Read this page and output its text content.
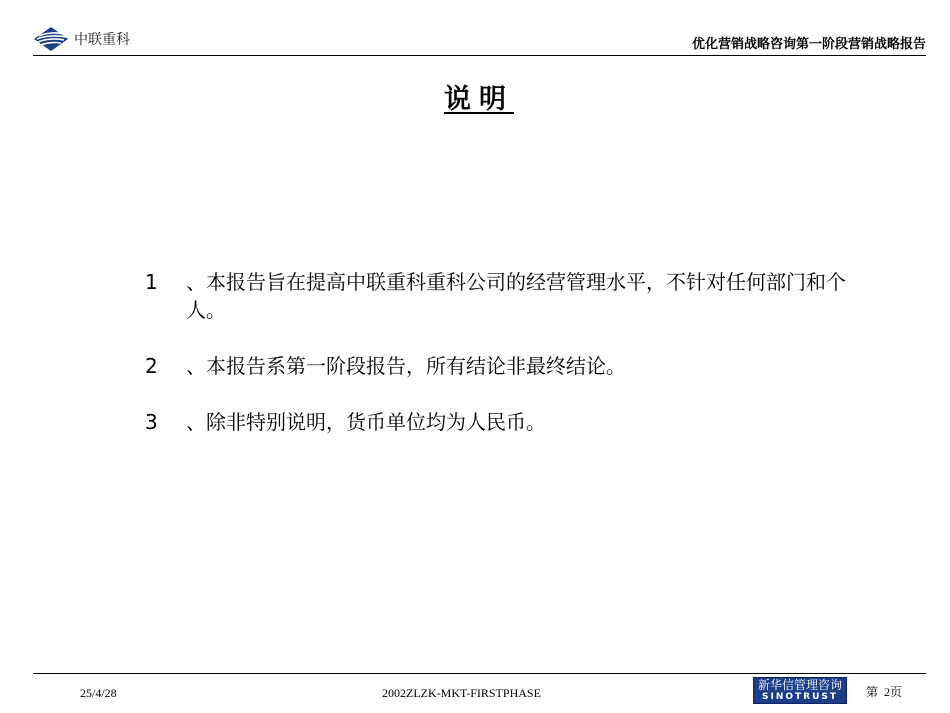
中联重科	优化营销战略咨询第一阶段营销战略报告
说明
1	、本报告旨在提高中联重科重科公司的经营管理水平，不针对任何部门和个人。
2	、本报告系第一阶段报告，所有结论非最终结论。
3	、除非特别说明，货币单位均为人民币。
25/4/28	2002ZLZK-MKT-FIRSTPHASE
新华信管理咨询
SINOTRUST	第 2页
